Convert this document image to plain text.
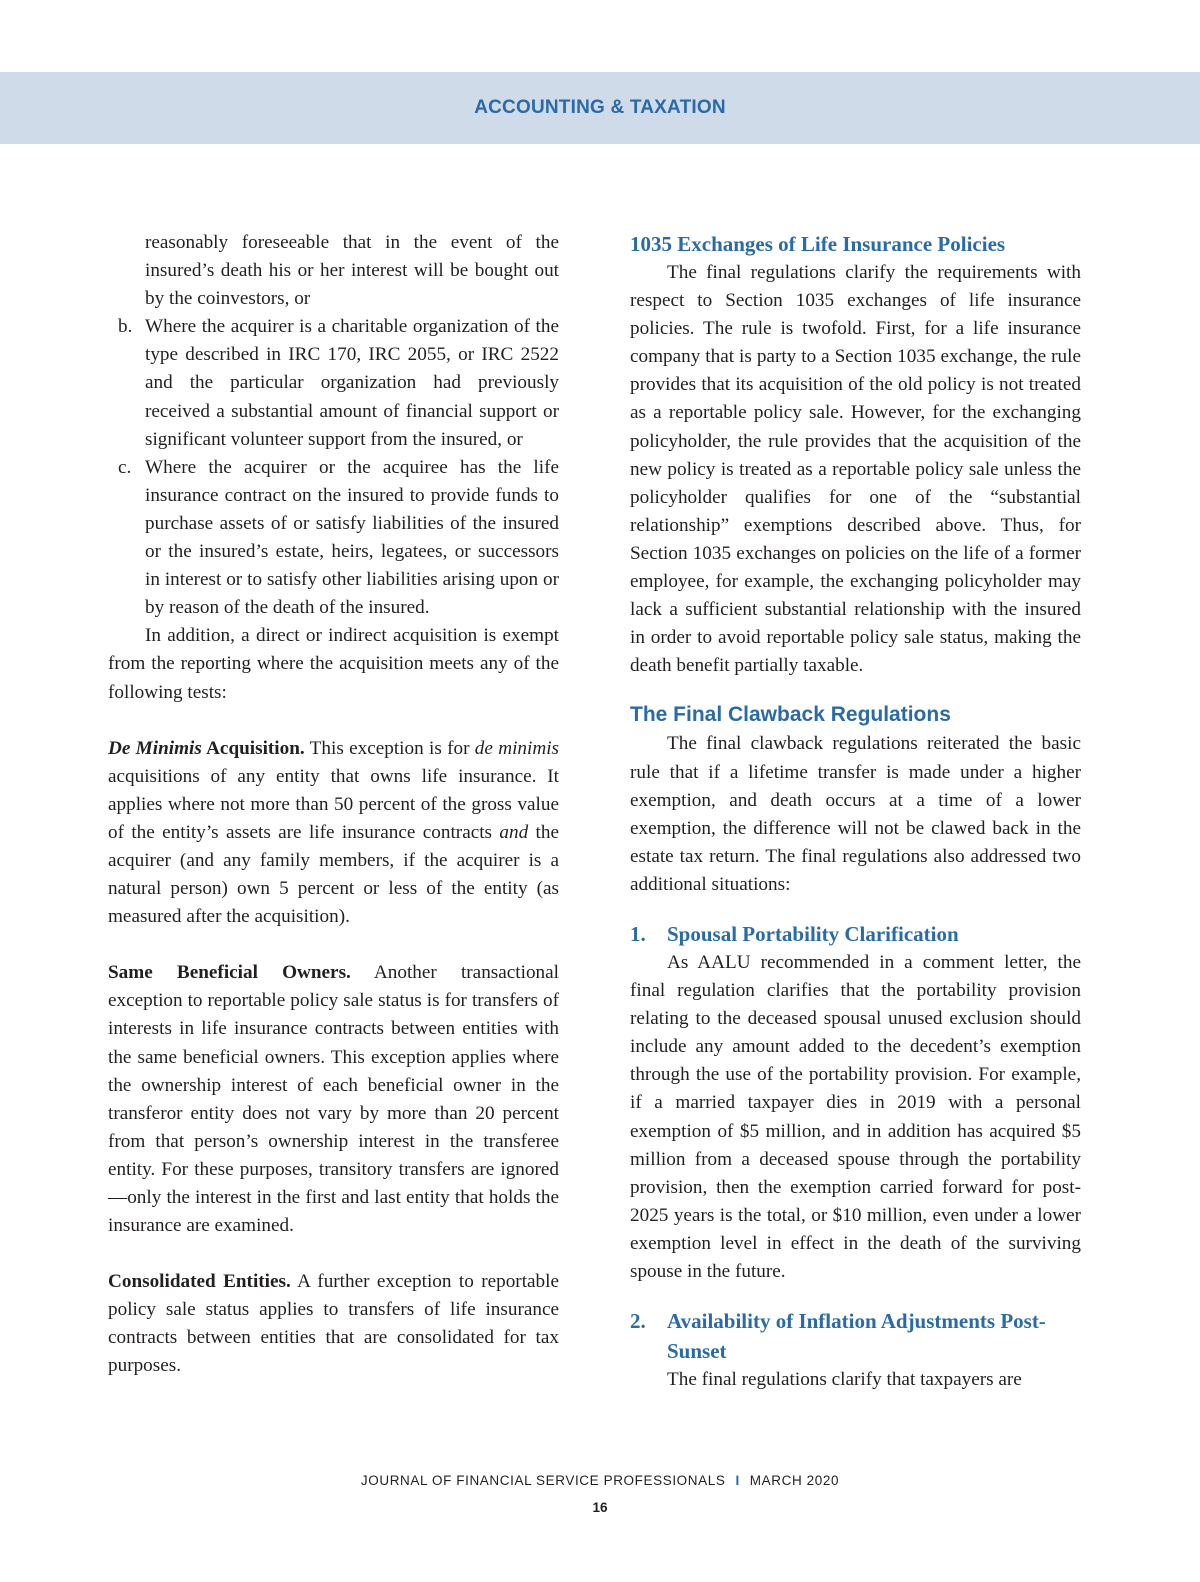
ACCOUNTING & TAXATION

reasonably foreseeable that in the event of the insured’s death his or her interest will be bought out by the coinvestors, or

b. Where the acquirer is a charitable organization of the type described in IRC 170, IRC 2055, or IRC 2522 and the particular organization had previously received a substantial amount of financial support or significant volunteer support from the insured, or

c. Where the acquirer or the acquiree has the life insurance contract on the insured to provide funds to purchase assets of or satisfy liabilities of the insured or the insured’s estate, heirs, legatees, or successors in interest or to satisfy other liabilities arising upon or by reason of the death of the insured.

In addition, a direct or indirect acquisition is exempt from the reporting where the acquisition meets any of the following tests:

De Minimis Acquisition. This exception is for de minimis acquisitions of any entity that owns life insurance. It applies where not more than 50 percent of the gross value of the entity’s assets are life insurance contracts and the acquirer (and any family members, if the acquirer is a natural person) own 5 percent or less of the entity (as measured after the acquisition).

Same Beneficial Owners. Another transactional exception to reportable policy sale status is for transfers of interests in life insurance contracts between entities with the same beneficial owners. This exception applies where the ownership interest of each beneficial owner in the transferor entity does not vary by more than 20 percent from that person’s ownership interest in the transferee entity. For these purposes, transitory transfers are ignored—only the interest in the first and last entity that holds the insurance are examined.

Consolidated Entities. A further exception to reportable policy sale status applies to transfers of life insurance contracts between entities that are consolidated for tax purposes.

1035 Exchanges of Life Insurance Policies

The final regulations clarify the requirements with respect to Section 1035 exchanges of life insurance policies. The rule is twofold. First, for a life insurance company that is party to a Section 1035 exchange, the rule provides that its acquisition of the old policy is not treated as a reportable policy sale. However, for the exchanging policyholder, the rule provides that the acquisition of the new policy is treated as a reportable policy sale unless the policyholder qualifies for one of the “substantial relationship” exemptions described above. Thus, for Section 1035 exchanges on policies on the life of a former employee, for example, the exchanging policyholder may lack a sufficient substantial relationship with the insured in order to avoid reportable policy sale status, making the death benefit partially taxable.

The Final Clawback Regulations

The final clawback regulations reiterated the basic rule that if a lifetime transfer is made under a higher exemption, and death occurs at a time of a lower exemption, the difference will not be clawed back in the estate tax return. The final regulations also addressed two additional situations:

1. Spousal Portability Clarification

As AALU recommended in a comment letter, the final regulation clarifies that the portability provision relating to the deceased spousal unused exclusion should include any amount added to the decedent’s exemption through the use of the portability provision. For example, if a married taxpayer dies in 2019 with a personal exemption of $5 million, and in addition has acquired $5 million from a deceased spouse through the portability provision, then the exemption carried forward for post-2025 years is the total, or $10 million, even under a lower exemption level in effect in the death of the surviving spouse in the future.

2. Availability of Inflation Adjustments Post-Sunset

The final regulations clarify that taxpayers are

JOURNAL OF FINANCIAL SERVICE PROFESSIONALS I MARCH 2020
16
